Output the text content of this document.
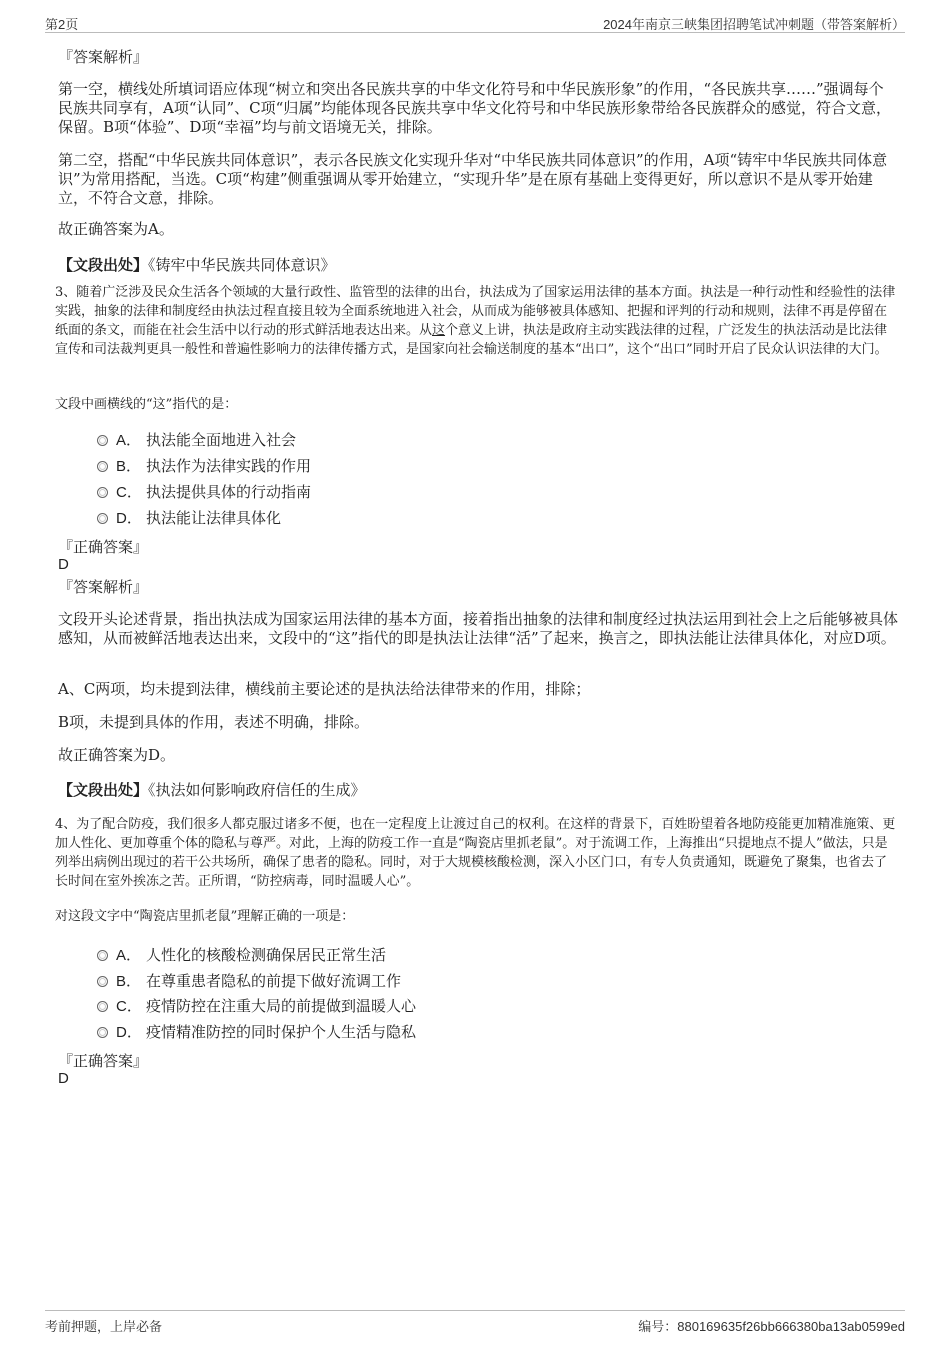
第2页	2024年南京三峡集团招聘笔试冲刺题（带答案解析）
『答案解析』
第一空，横线处所填词语应体现“树立和突出各民族共享的中华文化符号和中华民族形象”的作用，“各民族共享……”强调每个民族共同享有，A项“认同”、C项“归属”均能体现各民族共享中华文化符号和中华民族形象带给各民族群众的感觉，符合文意，保留。B项“体验”、D项“幸福”均与前文语境无关，排除。
第二空，搭配“中华民族共同体意识”，表示各民族文化实现升华对“中华民族共同体意识”的作用，A项“铸牢中华民族共同体意识”为常用搭配，当选。C项“构建”侧重强调从零开始建立，“实现升华”是在原有基础上变得更好，所以意识不是从零开始建立，不符合文意，排除。
故正确答案为A。
【文段出处】《铸牢中华民族共同体意识》
3、随着广泛涉及民众生活各个领域的大量行政性、监管型的法律的出台，执法成为了国家运用法律的基本方面。执法是一种行动性和经验性的法律实践，抽象的法律和制度经由执法过程直接且较为全面系统地进入社会，从而成为能够被具体感知、把握和评判的行动和规则，法律不再是停留在纸面的条文，而能在社会生活中以行动的形式鲜活地表达出来。从这个意义上讲，执法是政府主动实践法律的过程，广泛发生的执法活动是比法律宣传和司法裁判更具一般性和普遍性影响力的法律传播方式，是国家向社会输送制度的基本“出口”，这个“出口”同时开启了民众认识法律的大门。
文段中画横线的“这”指代的是：
A． 执法能全面地进入社会
B． 执法作为法律实践的作用
C． 执法提供具体的行动指南
D． 执法能让法律具体化
『正确答案』
D
『答案解析』
文段开头论述背景，指出执法成为国家运用法律的基本方面，接着指出抽象的法律和制度经过执法运用到社会上之后能够被具体感知，从而被鲜活地表达出来，文段中的“这”指代的即是执法让法律“活”了起来，换言之，即执法能让法律具体化，对应D项。
A、C两项，均未提到法律，横线前主要论述的是执法给法律带来的作用，排除；
B项，未提到具体的作用，表述不明确，排除。
故正确答案为D。
【文段出处】《执法如何影响政府信任的生成》
4、为了配合防疫，我们很多人都克服过诸多不便，也在一定程度上让渡过自己的权利。在这样的背景下，百姓盼望着各地防疫能更加精准施策、更加人性化、更加尊重个体的隐私与尊严。对此，上海的防疫工作一直是“陶瓷店里抓老鼠”。对于流调工作，上海推出“只提地点不提人”做法，只是列举出病例出现过的若干公共场所，确保了患者的隐私。同时，对于大规模核酸检测，深入小区门口，有专人负责通知，既避免了聚集，也省去了长时间在室外挨冻之苦。正所谓，“防控病毒，同时温暖人心”。
对这段文字中“陶瓷店里抓老鼠”理解正确的一项是：
A． 人性化的核酸检测确保居民正常生活
B． 在尊重患者隐私的前提下做好流调工作
C． 疫情防控在注重大局的前提做到温暖人心
D． 疫情精准防控的同时保护个人生活与隐私
『正确答案』
D
考前押题，上岸必备	编号：880169635f26bb666380ba13ab0599ed
